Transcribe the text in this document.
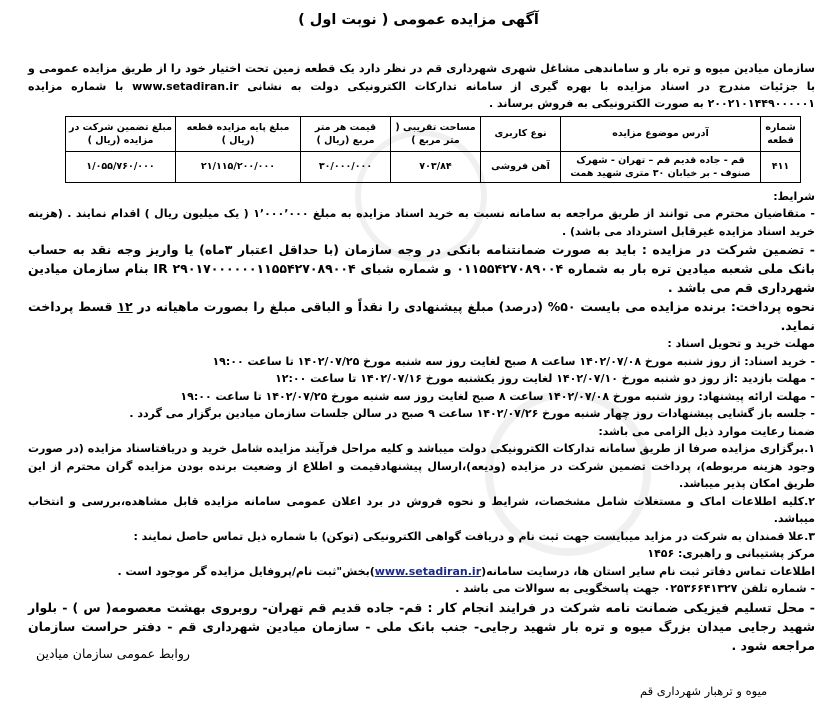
آگهی مزایده عمومی ( نوبت اول )

سازمان میادین میوه و تره بار و ساماندهی مشاغل شهری شهرداری قم در نظر دارد یک قطعه زمین تحت اختیار خود را از طریق مزایده عمومی و با جزئیات مندرج در اسناد مزایده با بهره گیری از سامانه تدارکات الکترونیکی دولت به نشانی www.setadiran.ir با شماره مزایده ۲۰۰۲۱۰۱۴۴۹۰۰۰۰۰۱ به صورت الکترونیکی به فروش برساند .

شماره قطعه	آدرس موضوع مزایده	نوع کاربری	مساحت تقریبی ( متر مربع )	قیمت هر متر مربع (ریال )	مبلغ پایه مزایده قطعه (ریال )	مبلغ تضمین شرکت در مزایده (ریال )
۴۱۱	قم - جاده قدیم قم – تهران - شهرک صنوف - بر خیابان ۳۰ متری شهید همت	آهن فروشی	۷۰۳/۸۴	۳۰/۰۰۰/۰۰۰	۲۱/۱۱۵/۲۰۰/۰۰۰	۱/۰۵۵/۷۶۰/۰۰۰

شرایط:

- متقاضیان محترم می توانند از طریق مراجعه به سامانه نسبت به خرید اسناد مزایده به مبلغ ۱٬۰۰۰٬۰۰۰ ( یک میلیون ریال ) اقدام نمایند . (هزینه خرید اسناد مزایده غیرقابل استرداد می باشد) .

- تضمین شرکت در مزایده : باید به صورت ضمانتنامه بانکی در وجه سازمان (با حداقل اعتبار ۳ماه) یا واریز وجه نقد به حساب بانک ملی شعبه میادین تره بار به شماره ۰۱۱۵۵۴۲۷۰۸۹۰۰۴ و شماره شبای IR ۲۹۰۱۷۰۰۰۰۰۰۱۱۵۵۴۲۷۰۸۹۰۰۴ بنام سازمان میادین شهرداری قم می باشد .

نحوه پرداخت: برنده مزایده می بایست ۵۰% (درصد) مبلغ پیشنهادی را نقداً و الباقی مبلغ را بصورت ماهیانه در ۱۲ قسط پرداخت نماید.

مهلت خرید و تحویل اسناد :

- خرید اسناد: از روز شنبه مورخ ۱۴۰۲/۰۷/۰۸ ساعت ۸ صبح لغایت روز سه شنبه مورخ ۱۴۰۲/۰۷/۲۵ تا ساعت ۱۹:۰۰

- مهلت بازدید :از روز دو شنبه مورخ ۱۴۰۲/۰۷/۱۰ لغایت روز یکشنبه مورخ ۱۴۰۲/۰۷/۱۶ تا ساعت ۱۲:۰۰

- مهلت ارائه پیشنهاد: روز شنبه مورخ ۱۴۰۲/۰۷/۰۸ ساعت ۸ صبح لغایت روز سه شنبه مورخ ۱۴۰۲/۰۷/۲۵ تا ساعت ۱۹:۰۰

- جلسه باز گشایی پیشنهادات روز چهار شنبه مورخ ۱۴۰۲/۰۷/۲۶ ساعت ۹ صبح در سالن جلسات سازمان میادین برگزار می گردد .

ضمنا رعایت موارد ذیل الزامی می باشد:

۱.برگزاری مزایده صرفا از طریق سامانه تدارکات الکترونیکی دولت میباشد و کلیه مراحل فرآیند مزایده شامل خرید و دریافتاسناد مزایده (در صورت وجود هزینه مربوطه)، پرداخت تضمین شرکت در مزایده (ودیعه)،ارسال پیشنهادقیمت و اطلاع از وضعیت برنده بودن مزایده گران محترم از این طریق امکان پذیر میباشد.

۲.کلیه اطلاعات اماک و مستغلات شامل مشخصات، شرایط و نحوه فروش در برد اعلان عمومی سامانه مزایده قابل مشاهده،بررسی و انتخاب میباشد.

۳.علا قمندان به شرکت در مزاید میبایست جهت ثبت نام و دریافت گواهی الکترونیکی (توکن) با شماره ذیل تماس حاصل نمایند :

مرکز پشتیبانی و راهبری: ۱۴۵۶

اطلاعات تماس دفاتر ثبت نام سایر استان ها، درسایت سامانه(www.setadiran.ir)بخش"ثبت نام/پروفایل مزایده گر موجود است .

- شماره تلفن ۰۲۵۳۶۶۴۱۳۲۷ جهت پاسخگویی به سوالات می باشد .

- محل تسلیم فیزیکی ضمانت نامه شرکت در فرایند انجام کار : قم- جاده قدیم قم تهران- روبروی بهشت معصومه( س ) - بلوار شهید رجایی میدان بزرگ میوه و تره بار شهید رجایی- جنب بانک ملی - سازمان میادین شهرداری قم - دفتر حراست سازمان مراجعه شود .

روابط عمومی سازمان میادین
میوه و ترهبار شهرداری قم
